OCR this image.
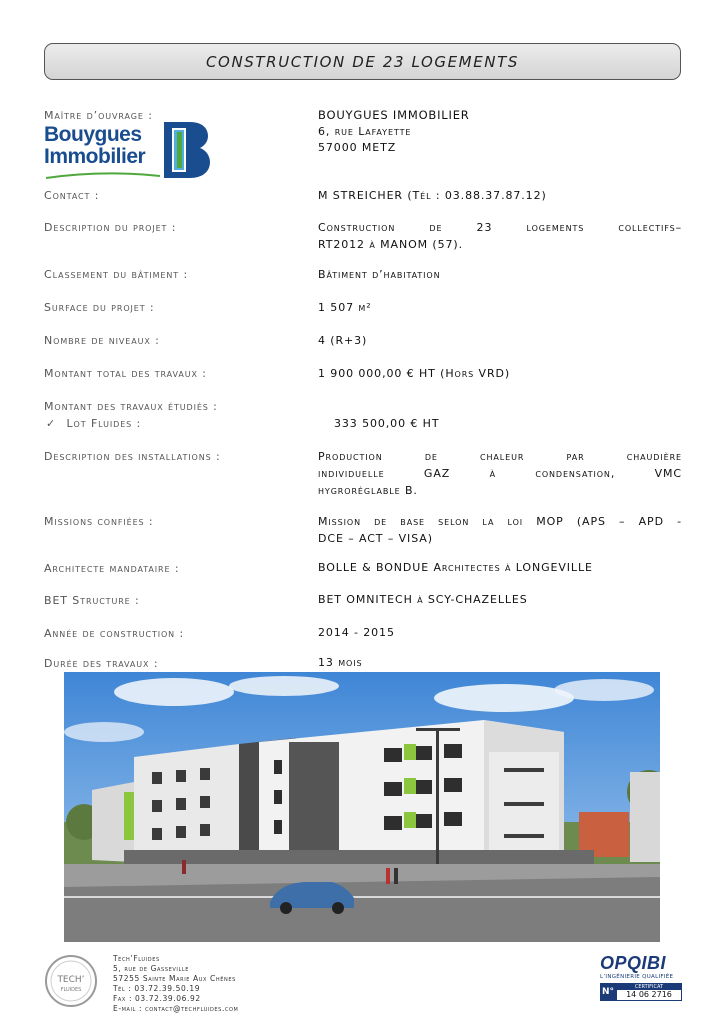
CONSTRUCTION DE 23 LOGEMENTS
Maître d’ouvrage :	BOUYGUES IMMOBILIER
6, rue Lafayette
57000 METZ
Bouygues
Immobilier
Contact :	M STREICHER (Tél : 03.88.37.87.12)
Description du projet :	Construction de 23 logements collectifs–
RT2012 à MANOM (57).
Classement du bâtiment :	Bâtiment d’habitation
Surface du projet :	1 507 m²
Nombre de niveaux :	4 (R+3)
Montant total des travaux :	1 900 000,00 € HT (Hors VRD)
Montant des travaux étudiés :
✓ Lot Fluides :	333 500,00 € HT
Description des installations :	Production de chaleur par chaudière
individuelle GAZ à condensation, VMC
hygroréglable B.
Missions confiées :	Mission de base selon la loi MOP (APS – APD -
DCE – ACT – VISA)
Architecte mandataire :	BOLLE & BONDUE Architectes à LONGEVILLE
BET Structure :	BET OMNITECH à SCY-CHAZELLES
Année de construction :	2014 - 2015
Durée des travaux :	13 mois
TECH’
FLUIDES
Tech’Fluides
5, rue de Gasseville
57255 Sainte Marie Aux Chênes
Tél : 03.72.39.50.19
Fax : 03.72.39.06.92
E-mail : contact@techfluides.com
OPQIBI
L’INGÉNIERIE QUALIFIÉE
N°	CERTIFICAT
14 06 2716
